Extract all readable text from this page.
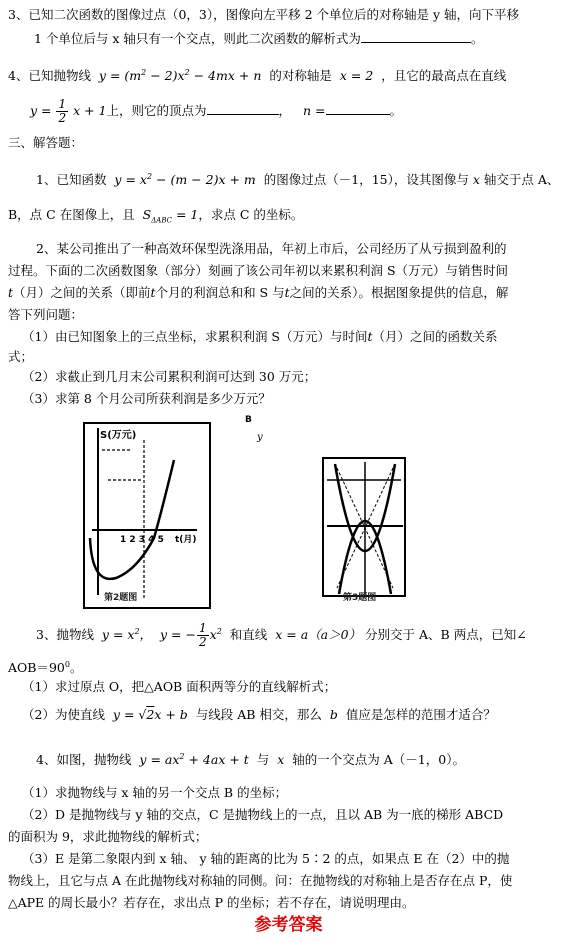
3、已知二次函数的图像过点（0，3），图像向左平移 2 个单位后的对称轴是 y 轴，向下平移
1 个单位后与 x 轴只有一个交点，则此二次函数的解析式为	。
4、已知抛物线  $y = (m^2 - 2)x^2 - 4mx + n$  的对称轴是  x = 2  ，且它的最高点在直线
$y = \frac{1}{2}$ x + 1上，则它的顶点为	，   n =	。
三、解答题：
1、已知函数  $y = x^2 - (m - 2)x + m$  的图像过点（－1，15），设其图像与 x 轴交于点 A、
B，点 C 在图像上，且  $S_{\Delta ABC} = 1$，求点 C 的坐标。
2、某公司推出了一种高效环保型洗涤用品，年初上市后，公司经历了从亏损到盈利的
过程。下面的二次函数图象（部分）刻画了该公司年初以来累积利润 S（万元）与销售时间
t（月）之间的关系（即前t个月的利润总和和 S 与t之间的关系）。根据图象提供的信息，解
答下列问题：
（1）由已知图象上的三点坐标，求累积利润 S（万元）与时间t（月）之间的函数关系
式；
（2）求截止到几月末公司累积利润可达到 30 万元；
（3）求第 8 个月公司所获利润是多少万元？
S(万元)
1 2 3 4 5 t(月)
第2题图
B
y
第3题图
3、抛物线  $y = x^2$，  y = − $\frac{1}{2} x^2$ 和直线  x = a（a＞0） 分别交于 A、B 两点，已知∠
$AOB=90^0$。
（1）求过原点 O，把△AOB 面积两等分的直线解析式；
（2）为使直线  y = √2x + b  与线段 AB 相交，那么  b  值应是怎样的范围才适合？
4、如图，抛物线  $y = ax^2 + 4ax + t$  与  x  轴的一个交点为 A（－1，0）。
（1）求抛物线与 x 轴的另一个交点 B 的坐标；
（2）D 是抛物线与 y 轴的交点，C 是抛物线上的一点，且以 AB 为一底的梯形 ABCD
的面积为 9，求此抛物线的解析式；
（3）E 是第二象限内到 x 轴、 y 轴的距离的比为 5∶2 的点，如果点 E 在（2）中的抛
物线上，且它与点 A 在此抛物线对称轴的同侧。问：在抛物线的对称轴上是否存在点 P，使
△APE 的周长最小？若存在，求出点 P 的坐标；若不存在，请说明理由。
参考答案
